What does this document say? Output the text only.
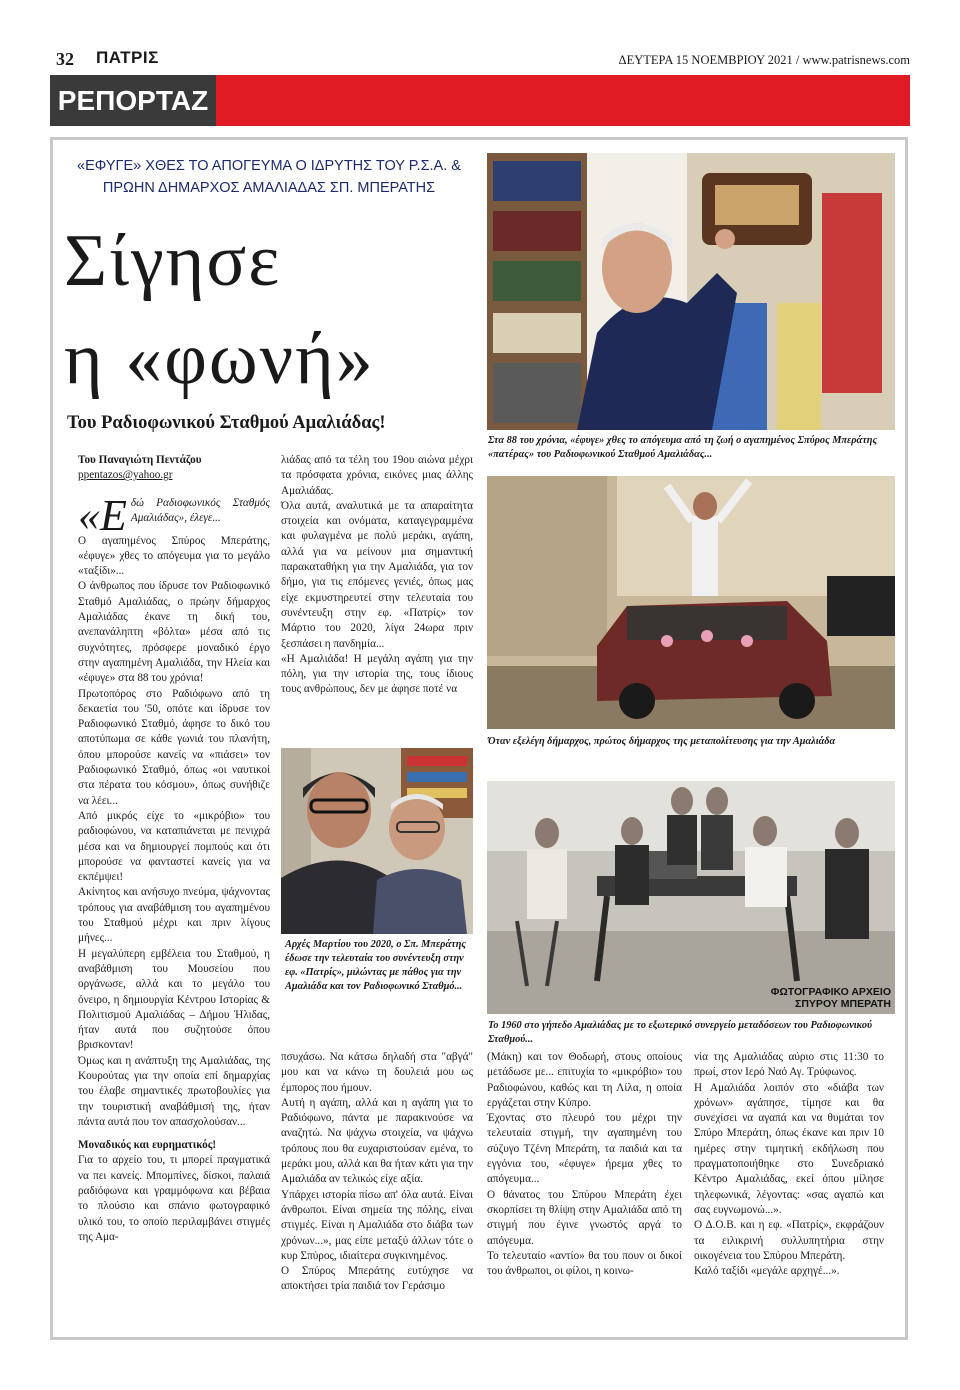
32 ΠΑΤΡΙΣ	ΔΕΥΤΕΡΑ 15 ΝΟΕΜΒΡΙΟΥ 2021 / www.patrisnews.com
ΡΕΠΟΡΤΑΖ
«ΕΦΥΓΕ» ΧΘΕΣ ΤΟ ΑΠΟΓΕΥΜΑ Ο ΙΔΡΥΤΗΣ ΤΟΥ Ρ.Σ.Α. &
ΠΡΩΗΝ ΔΗΜΑΡΧΟΣ ΑΜΑΛΙΑΔΑΣ ΣΠ. ΜΠΕΡΑΤΗΣ
Σίγησε
η «φωνή»
Του Ραδιοφωνικού Σταθμού Αμαλιάδας!

Του Παναγιώτη Πεντάζου

ppentazos@yahoo.gr

«Εδώ Ραδιοφωνικός Σταθμός Αμαλιάδας», έλεγε...

Ο αγαπημένος Σπύρος Μπεράτης, «έφυγε» χθες το απόγευμα για το μεγάλο «ταξίδι»...

Ο άνθρωπος που ίδρυσε τον Ραδιοφωνικό Σταθμό Αμαλιάδας, ο πρώην δήμαρχος Αμαλιάδας έκανε τη δική του, ανεπανάληπτη «βόλτα» μέσα από τις συχνότητες, πρόσφερε μοναδικό έργο στην αγαπημένη Αμαλιάδα, την Ηλεία και «έφυγε» στα 88 του χρόνια!

Πρωτοπόρος στο Ραδιόφωνο από τη δεκαετία του '50, οπότε και ίδρυσε τον Ραδιοφωνικό Σταθμό, άφησε το δικό του αποτύπωμα σε κάθε γωνιά του πλανήτη, όπου μπορούσε κανείς να «πιάσει» τον Ραδιοφωνικό Σταθμό, όπως «οι ναυτικοί στα πέρατα του κόσμου», όπως συνήθιζε να λέει...

Από μικρός είχε το «μικρόβιο» του ραδιοφώνου, να καταπιάνεται με πενιχρά μέσα και να δημιουργεί πομπούς και ότι μπορούσε να φανταστεί κανείς για να εκπέμψει!

Ακίνητος και ανήσυχο πνεύμα, ψάχνοντας τρόπους για αναβάθμιση του αγαπημένου του Σταθμού μέχρι και πριν λίγους μήνες...

Η μεγαλύπερη εμβέλεια του Σταθμού, η αναβάθμιση του Μουσείου που οργάνωσε, αλλά και το μεγάλο του όνειρο, η δημιουργία Κέντρου Ιστορίας & Πολιτισμού Αμαλιάδας – Δήμου Ήλιδας, ήταν αυτά που συζητούσε όπου βρισκονταν!

Όμως και η ανάπτυξη της Αμαλιάδας, της Κουρούτας για την οποία επί δημαρχίας του έλαβε σημαντικές πρωτοβουλίες για την τουριστική αναβάθμισή της, ήταν πάντα αυτά που τον απασχολούσαν...

Μοναδικός και ευρηματικός!

Για το αρχείο του, τι μπορεί πραγματικά να πει κανείς. Μπομπίνες, δίσκοι, παλαιά ραδιόφωνα και γραμμόφωνα και βέβαια το πλούσιο και σπάνιο φωτογραφικό υλικό του, το οποίο περιλαμβάνει στιγμές της Αμα-

λιάδας από τα τέλη του 19ου αιώνα μέχρι τα πρόσφατα χρόνια, εικόνες μιας άλλης Αμαλιάδας.

Όλα αυτά, αναλυτικά με τα απαραίτητα στοιχεία και ονόματα, καταγεγραμμένα και φυλαγμένα με πολύ μεράκι, αγάπη, αλλά για να μείνουν μια σημαντική παρακαταθήκη για την Αμαλιάδα, για τον δήμο, για τις επόμενες γενιές, όπως μας είχε εκμυστηρευτεί στην τελευταία του συνέντευξη στην εφ. «Πατρίς» τον Μάρτιο του 2020, λίγα 24ωρα πριν ξεσπάσει η πανδημία...

«Η Αμαλιάδα! Η μεγάλη αγάπη για την πόλη, για την ιστορία της, τους ίδιους τους ανθρώπους, δεν με άφησε ποτέ να

Αρχές Μαρτίου του 2020, ο Σπ. Μπεράτης έδωσε την τελευταία του συνέντευξη στην εφ. «Πατρίς», μιλώντας με πάθος για την Αμαλιάδα και τον Ραδιοφωνικό Σταθμό...

πσυχάσω. Να κάτσω δηλαδή στα "αβγά" μου και να κάνω τη δουλειά μου ως έμπορος που ήμουν.

Αυτή η αγάπη, αλλά και η αγάπη για το Ραδιόφωνο, πάντα με παρακινούσε να αναζητώ. Να ψάχνω στοιχεία, να ψάχνω τρόπους που θα ευχαριστούσαν εμένα, το μεράκι μου, αλλά και θα ήταν κάτι για την Αμαλιάδα αν τελικώς είχε αξία.

Υπάρχει ιστορία πίσω απ' όλα αυτά. Είναι άνθρωποι. Είναι σημεία της πόλης, είναι στιγμές. Είναι η Αμαλιάδα στο διάβα των χρόνων...», μας είπε μεταξύ άλλων τότε ο κυρ Σπύρος, ιδιαίτερα συγκινημένος.

Ο Σπύρος Μπεράτης ευτύχησε να αποκτήσει τρία παιδιά τον Γεράσιμο

Στα 88 του χρόνια, «έφυγε» χθες το απόγευμα από τη ζωή ο αγαπημένος Σπύρος Μπεράτης «πατέρας» του Ραδιοφωνικού Σταθμού Αμαλιάδας...
Όταν εξελέγη δήμαρχος, πρώτος δήμαρχος της μεταπολίτευσης για την Αμαλιάδα
ΦΩΤΟΓΡΑΦΙΚΟ ΑΡΧΕΙΟ
ΣΠΥΡΟΥ ΜΠΕΡΑΤΗ
Το 1960 στο γήπεδο Αμαλιάδας με το εξωτερικό συνεργείο μεταδόσεων του Ραδιοφωνικού Σταθμού...

(Μάκη) και τον Θοδωρή, στους οποίους μετάδωσε με... επιτυχία το «μικρόβιο» του Ραδιοφώνου, καθώς και τη Λίλα, η οποία εργάζεται στην Κύπρο.

Έχοντας στο πλευρό του μέχρι την τελευταία στιγμή, την αγαπημένη του σύζυγο Τζένη Μπεράτη, τα παιδιά και τα εγγόνια του, «έφυγε» ήρεμα χθες το απόγευμα...

Ο θάνατος του Σπύρου Μπεράτη έχει σκορπίσει τη θλίψη στην Αμαλιάδα από τη στιγμή που έγινε γνωστός αργά το απόγευμα.

Το τελευταίο «αντίο» θα του πουν οι δικοί του άνθρωποι, οι φίλοι, η κοινω-

νία της Αμαλιάδας αύριο στις 11:30 το πρωί, στον Ιερό Ναό Αγ. Τρύφωνος.

Η Αμαλιάδα λοιπόν στο «διάβα των χρόνων» αγάπησε, τίμησε και θα συνεχίσει να αγαπά και να θυμάται τον Σπύρο Μπεράτη, όπως έκανε και πριν 10 ημέρες στην τιμητική εκδήλωση που πραγματοποιήθηκε στο Συνεδριακό Κέντρο Αμαλιάδας, εκεί όπου μίλησε τηλεφωνικά, λέγοντας: «σας αγαπώ και σας ευγνωμονώ...».

Ο Δ.Ο.Β. και η εφ. «Πατρίς», εκφράζουν τα ειλικρινή συλλυπητήρια στην οικογένεια του Σπύρου Μπεράτη.

Καλό ταξίδι «μεγάλε αρχηγέ...».
